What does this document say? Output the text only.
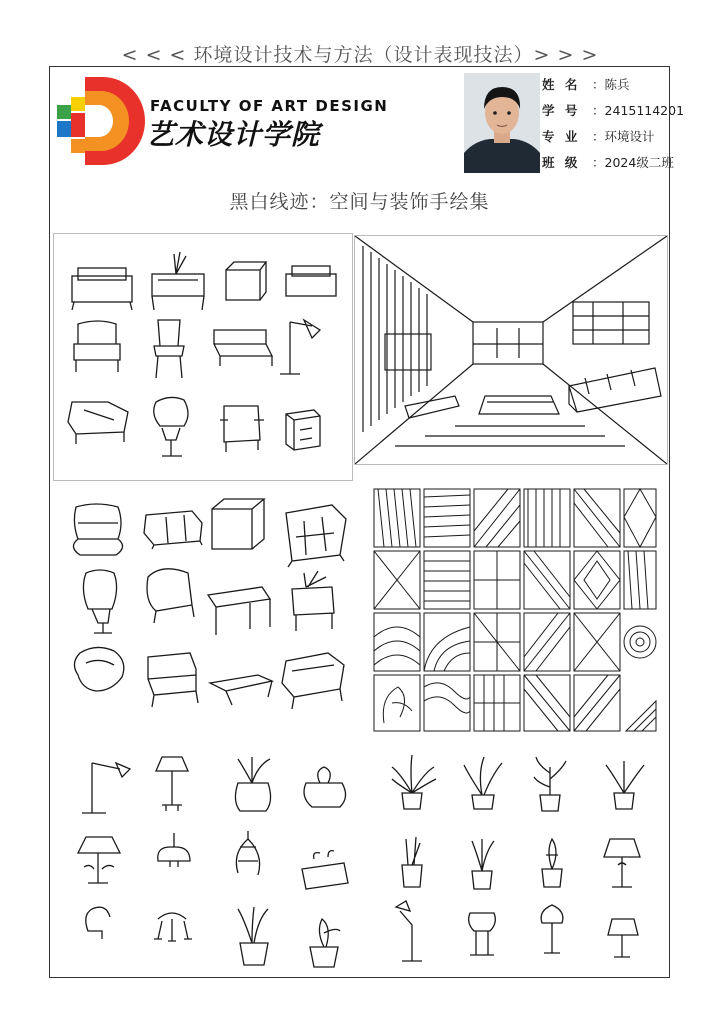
< < < 环境设计技术与方法（设计表现技法）> > >
FACULTY OF ART DESIGN
艺术设计学院
姓 名 ：陈兵
学 号 ：2415114201
专 业 ：环境设计
班 级 ：2024级二班
黑白线迹：空间与装饰手绘集
